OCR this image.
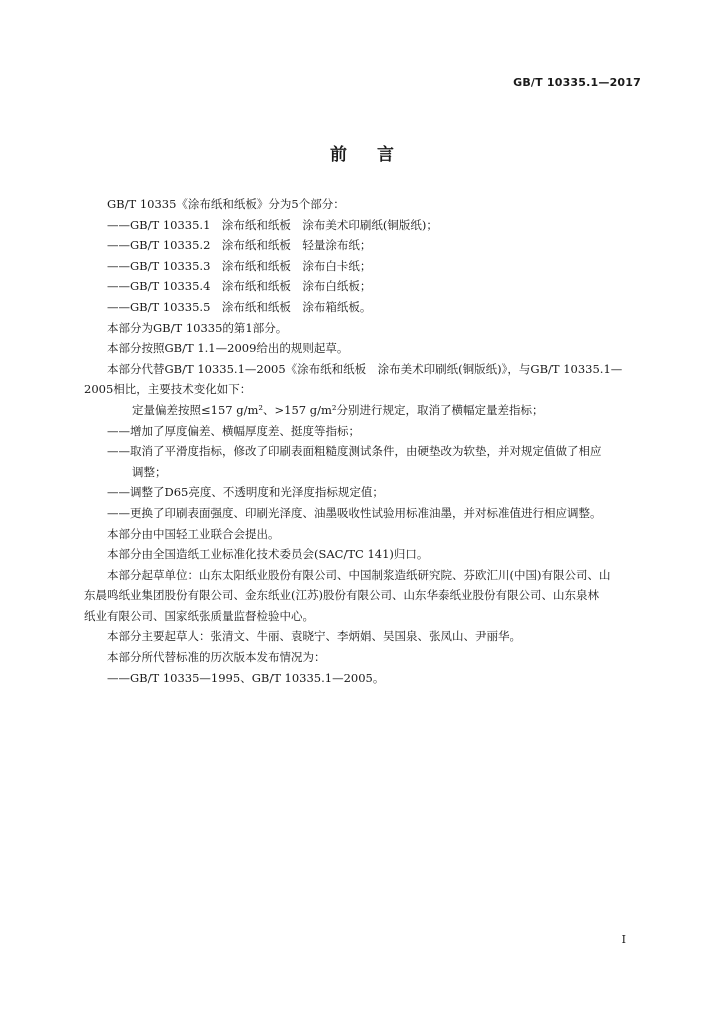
GB/T 10335.1—2017
前言

GB/T 10335《涂布纸和纸板》分为5个部分：

——GB/T 10335.1　涂布纸和纸板　涂布美术印刷纸(铜版纸)；

——GB/T 10335.2　涂布纸和纸板　轻量涂布纸；

——GB/T 10335.3　涂布纸和纸板　涂布白卡纸；

——GB/T 10335.4　涂布纸和纸板　涂布白纸板；

——GB/T 10335.5　涂布纸和纸板　涂布箱纸板。

本部分为GB/T 10335的第1部分。

本部分按照GB/T 1.1—2009给出的规则起草。

本部分代替GB/T 10335.1—2005《涂布纸和纸板　涂布美术印刷纸(铜版纸)》，与GB/T 10335.1—

2005相比，主要技术变化如下：

定量偏差按照≤157 g/m²、>157 g/m²分别进行规定，取消了横幅定量差指标；

——增加了厚度偏差、横幅厚度差、挺度等指标；

——取消了平滑度指标，修改了印刷表面粗糙度测试条件，由硬垫改为软垫，并对规定值做了相应

调整；

——调整了D65亮度、不透明度和光泽度指标规定值；

——更换了印刷表面强度、印刷光泽度、油墨吸收性试验用标准油墨，并对标准值进行相应调整。

本部分由中国轻工业联合会提出。

本部分由全国造纸工业标准化技术委员会(SAC/TC 141)归口。

本部分起草单位：山东太阳纸业股份有限公司、中国制浆造纸研究院、芬欧汇川(中国)有限公司、山

东晨鸣纸业集团股份有限公司、金东纸业(江苏)股份有限公司、山东华泰纸业股份有限公司、山东泉林

纸业有限公司、国家纸张质量监督检验中心。

本部分主要起草人：张清文、牛丽、袁晓宁、李炳娟、吴国泉、张凤山、尹丽华。

本部分所代替标准的历次版本发布情况为：

——GB/T 10335—1995、GB/T 10335.1—2005。

I
